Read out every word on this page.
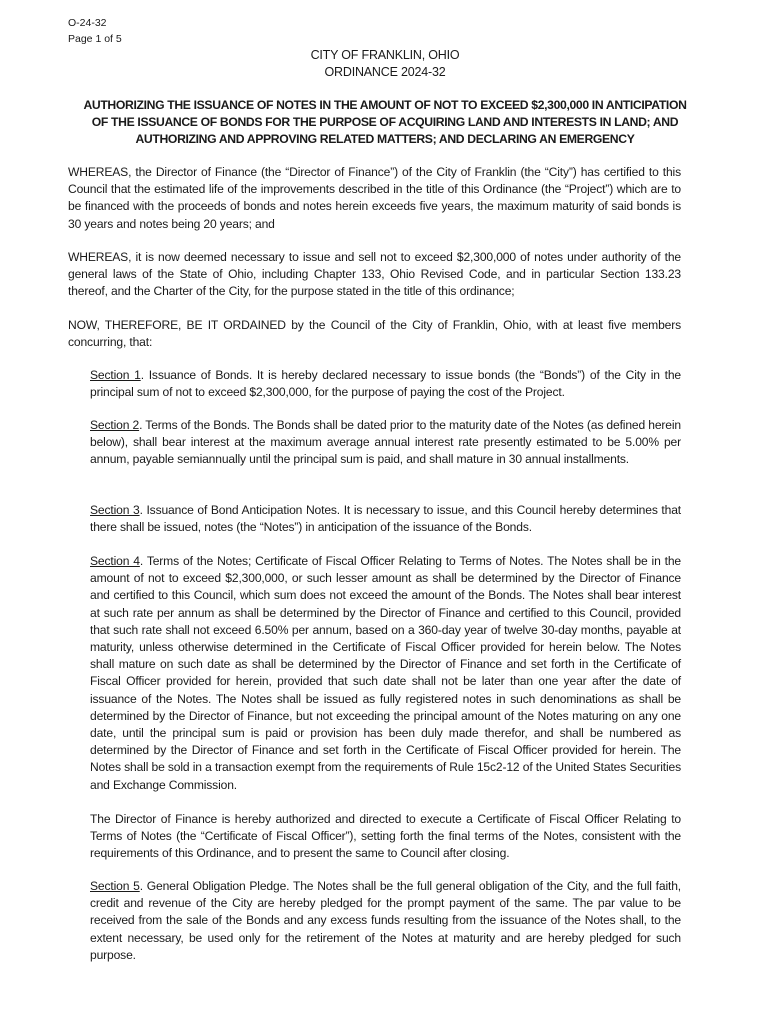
O-24-32
Page 1 of 5
CITY OF FRANKLIN, OHIO
ORDINANCE 2024-32
AUTHORIZING THE ISSUANCE OF NOTES IN THE AMOUNT OF NOT TO EXCEED $2,300,000 IN ANTICIPATION
OF THE ISSUANCE OF BONDS FOR THE PURPOSE OF ACQUIRING LAND AND INTERESTS IN LAND; AND
AUTHORIZING AND APPROVING RELATED MATTERS; AND DECLARING AN EMERGENCY

WHEREAS, the Director of Finance (the “Director of Finance”) of the City of Franklin (the “City”) has certified to this Council that the estimated life of the improvements described in the title of this Ordinance (the “Project”) which are to be financed with the proceeds of bonds and notes herein exceeds five years, the maximum maturity of said bonds is 30 years and notes being 20 years; and

WHEREAS, it is now deemed necessary to issue and sell not to exceed $2,300,000 of notes under authority of the general laws of the State of Ohio, including Chapter 133, Ohio Revised Code, and in particular Section 133.23 thereof, and the Charter of the City, for the purpose stated in the title of this ordinance;

NOW, THEREFORE, BE IT ORDAINED by the Council of the City of Franklin, Ohio, with at least five members concurring, that:

Section 1. Issuance of Bonds. It is hereby declared necessary to issue bonds (the “Bonds”) of the City in the principal sum of not to exceed $2,300,000, for the purpose of paying the cost of the Project.

Section 2. Terms of the Bonds. The Bonds shall be dated prior to the maturity date of the Notes (as defined herein below), shall bear interest at the maximum average annual interest rate presently estimated to be 5.00% per annum, payable semiannually until the principal sum is paid, and shall mature in 30 annual installments.

Section 3. Issuance of Bond Anticipation Notes. It is necessary to issue, and this Council hereby determines that there shall be issued, notes (the “Notes”) in anticipation of the issuance of the Bonds.

Section 4. Terms of the Notes; Certificate of Fiscal Officer Relating to Terms of Notes. The Notes shall be in the amount of not to exceed $2,300,000, or such lesser amount as shall be determined by the Director of Finance and certified to this Council, which sum does not exceed the amount of the Bonds. The Notes shall bear interest at such rate per annum as shall be determined by the Director of Finance and certified to this Council, provided that such rate shall not exceed 6.50% per annum, based on a 360-day year of twelve 30-day months, payable at maturity, unless otherwise determined in the Certificate of Fiscal Officer provided for herein below. The Notes shall mature on such date as shall be determined by the Director of Finance and set forth in the Certificate of Fiscal Officer provided for herein, provided that such date shall not be later than one year after the date of issuance of the Notes. The Notes shall be issued as fully registered notes in such denominations as shall be determined by the Director of Finance, but not exceeding the principal amount of the Notes maturing on any one date, until the principal sum is paid or provision has been duly made therefor, and shall be numbered as determined by the Director of Finance and set forth in the Certificate of Fiscal Officer provided for herein. The Notes shall be sold in a transaction exempt from the requirements of Rule 15c2-12 of the United States Securities and Exchange Commission.

The Director of Finance is hereby authorized and directed to execute a Certificate of Fiscal Officer Relating to Terms of Notes (the “Certificate of Fiscal Officer”), setting forth the final terms of the Notes, consistent with the requirements of this Ordinance, and to present the same to Council after closing.

Section 5. General Obligation Pledge. The Notes shall be the full general obligation of the City, and the full faith, credit and revenue of the City are hereby pledged for the prompt payment of the same. The par value to be received from the sale of the Bonds and any excess funds resulting from the issuance of the Notes shall, to the extent necessary, be used only for the retirement of the Notes at maturity and are hereby pledged for such purpose.
